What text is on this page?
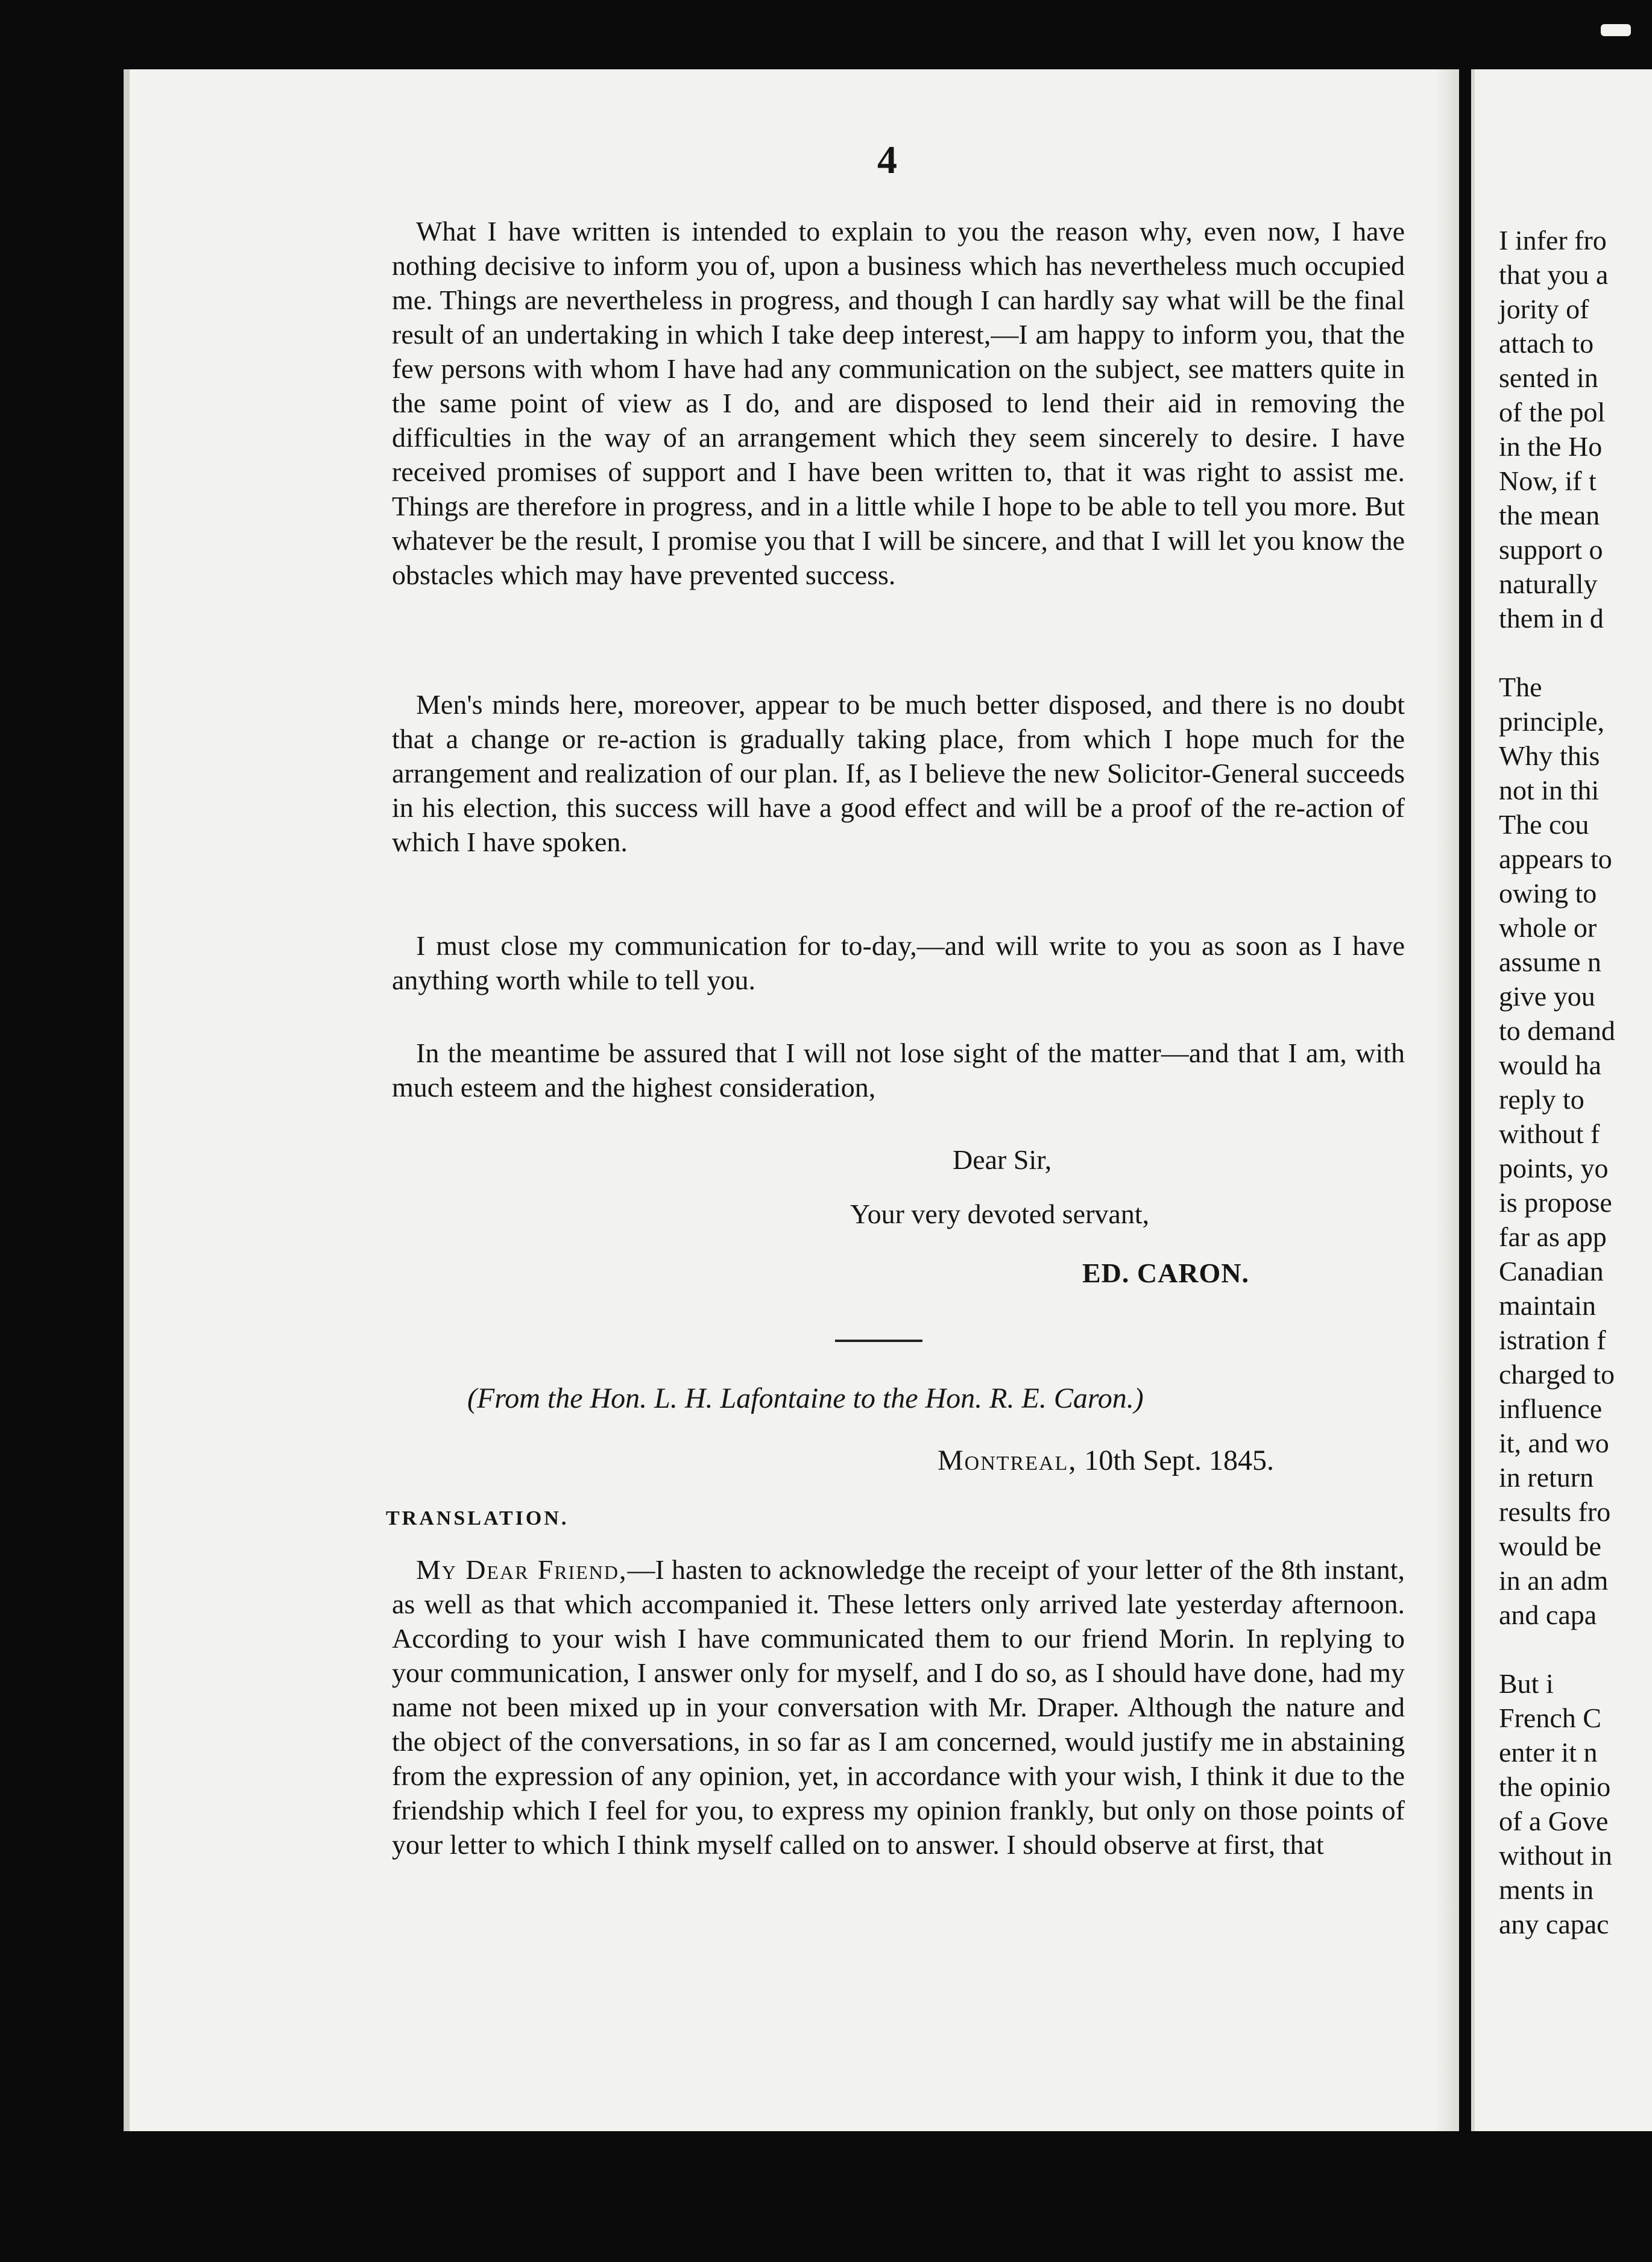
I infer fro
that you a
jority of
attach to
sented in
of the pol
in the Ho
Now, if t
the mean
support o
naturally
them in d

The
principle,
Why this
not in thi
The cou
appears to
owing to
whole or
assume n
give you
to demand
would ha
reply to
without f
points, yo
is propose
far as app
Canadian
maintain
istration f
charged to
influence
it, and wo
in return
results fro
would be
in an adm
and capa

But i
French C
enter it n
the opinio
of a Gove
without in
ments in
any capac
4

What I have written is intended to explain to you the reason why, even now, I have nothing decisive to inform you of, upon a business which has nevertheless much occupied me. Things are nevertheless in progress, and though I can hardly say what will be the final result of an undertaking in which I take deep interest,—I am happy to inform you, that the few persons with whom I have had any communication on the subject, see matters quite in the same point of view as I do, and are disposed to lend their aid in removing the difficulties in the way of an arrangement which they seem sincerely to desire. I have received promises of support and I have been written to, that it was right to assist me. Things are therefore in progress, and in a little while I hope to be able to tell you more. But whatever be the result, I promise you that I will be sincere, and that I will let you know the obstacles which may have prevented success.

Men's minds here, moreover, appear to be much better disposed, and there is no doubt that a change or re-action is gradually taking place, from which I hope much for the arrangement and realization of our plan. If, as I believe the new Solicitor-General succeeds in his election, this success will have a good effect and will be a proof of the re-action of which I have spoken.

I must close my communication for to-day,—and will write to you as soon as I have anything worth while to tell you.

In the meantime be assured that I will not lose sight of the matter—and that I am, with much esteem and the highest consideration,

Dear Sir,
Your very devoted servant,
ED. CARON.
(From the Hon. L. H. Lafontaine to the Hon. R. E. Caron.)
Montreal, 10th Sept. 1845.
TRANSLATION.

My Dear Friend,—I hasten to acknowledge the receipt of your letter of the 8th instant, as well as that which accompanied it. These letters only arrived late yesterday afternoon. According to your wish I have communicated them to our friend Morin. In replying to your communication, I answer only for myself, and I do so, as I should have done, had my name not been mixed up in your conversation with Mr. Draper. Although the nature and the object of the conversations, in so far as I am concerned, would justify me in abstaining from the expression of any opinion, yet, in accordance with your wish, I think it due to the friendship which I feel for you, to express my opinion frankly, but only on those points of your letter to which I think myself called on to answer. I should observe at first, that
